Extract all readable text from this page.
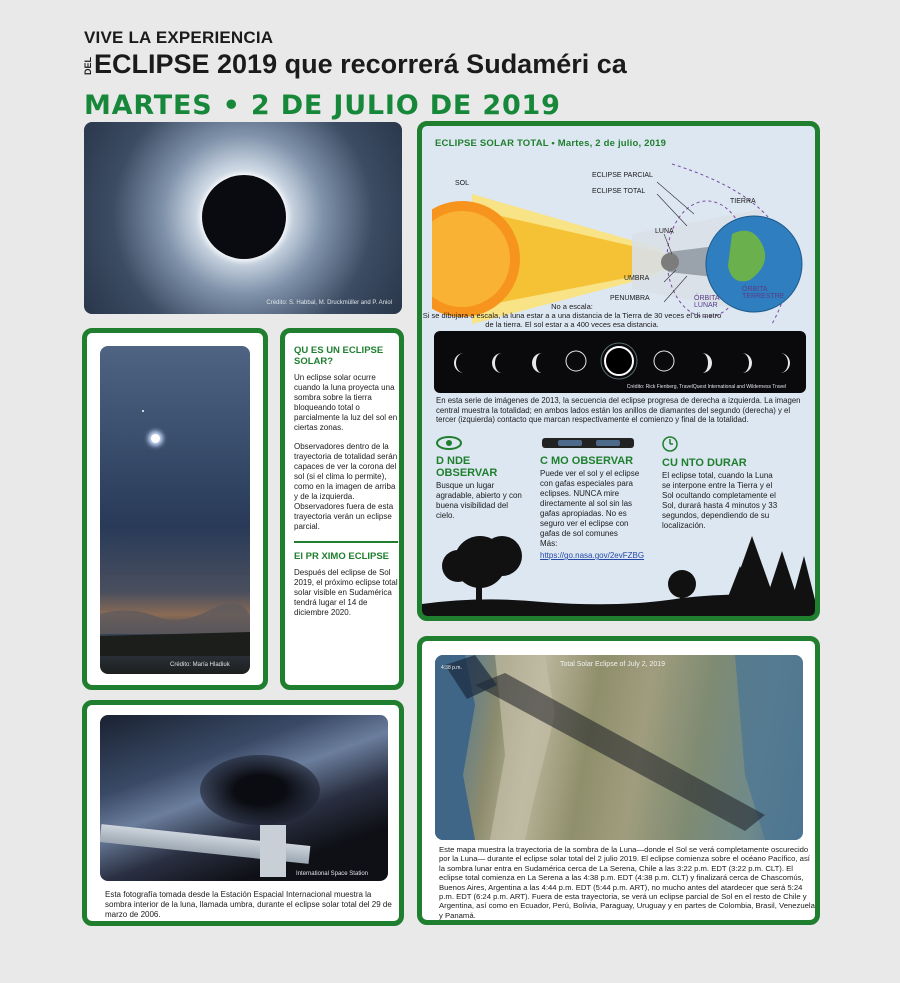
VIVE LA EXPERIENCIA
DEL ECLIPSE 2019 que recorrerá Sudaméri ca
MARTES • 2 DE JULIO DE 2019
Crédito: S. Habbal, M. Druckmüller and P. Aniol
Crédito: María Hladiuk
QU ES UN ECLIPSE SOLAR?
Un eclipse solar ocurre cuando la luna proyecta una sombra sobre la tierra bloqueando total o parcialmente la luz del sol en ciertas zonas.
Observadores dentro de la trayectoria de totalidad serán capaces de ver la corona del sol (si el clima lo permite), como en la imagen de arriba y de la izquierda. Observadores fuera de esta trayectoria verán un eclipse parcial.
El PR XIMO ECLIPSE
Después del eclipse de Sol 2019, el próximo eclipse total solar visible en Sudamérica tendrá lugar el 14 de diciembre 2020.
International Space Station
Esta fotografía tomada desde la Estación Espacial Internacional muestra la sombra interior de la luna, llamada umbra, durante el eclipse solar total del 29 de marzo de 2006.
ECLIPSE SOLAR TOTAL • Martes, 2 de julio, 2019
SOL
ECLIPSE PARCIAL
ECLIPSE TOTAL
TIERRA
LUNA
UMBRA
PENUMBRA	ÓRBITA LUNAR
ÓRBITA TERRESTRE
No a escala:
Si se dibujara a escala, la luna estar a a una distancia de la Tierra de 30 veces el di metro de la tierra. El sol estar a a 400 veces esa distancia.
Crédito: Rick Fienberg, TravelQuest International and Wilderness Travel
En esta serie de imágenes de 2013, la secuencia del eclipse progresa de derecha a izquierda. La imagen central muestra la totalidad; en ambos lados están los anillos de diamantes del segundo (derecha) y el tercer (izquierda) contacto que marcan respectivamente el comienzo y final de la totalidad.
D NDE OBSERVAR
Busque un lugar agradable, abierto y con buena visibilidad del cielo.
C MO OBSERVAR
Puede ver el sol y el eclipse con gafas especiales para eclipses. NUNCA mire directamente al sol sin las gafas apropiadas. No es seguro ver el eclipse con gafas de sol comunes
Más:
https://go.nasa.gov/2evFZBG
CU NTO DURAR
El eclipse total, cuando la Luna se interpone entre la Tierra y el Sol ocultando completamente el Sol, durará hasta 4 minutos y 33 segundos, dependiendo de su localización.
Total Solar Eclipse of July 2, 2019
4:38 p.m.
Este mapa muestra la trayectoria de la sombra de la Luna—donde el Sol se verá completamente oscurecido por la Luna— durante el eclipse solar total del 2 julio 2019. El eclipse comienza sobre el océano Pacífico, así la sombra lunar entra en Sudamérica cerca de La Serena, Chile a las 3:22 p.m. EDT (3:22 p.m. CLT). El eclipse total comienza en La Serena a las 4:38 p.m. EDT (4:38 p.m. CLT) y finalizará cerca de Chascomús, Buenos Aires, Argentina a las 4:44 p.m. EDT (5:44 p.m. ART), no mucho antes del atardecer que será 5:24 p.m. EDT (6:24 p.m. ART). Fuera de esta trayectoria, se verá un eclipse parcial de Sol en el resto de Chile y Argentina, así como en Ecuador, Perú, Bolivia, Paraguay, Uruguay y en partes de Colombia, Brasil, Venezuela y Panamá.
